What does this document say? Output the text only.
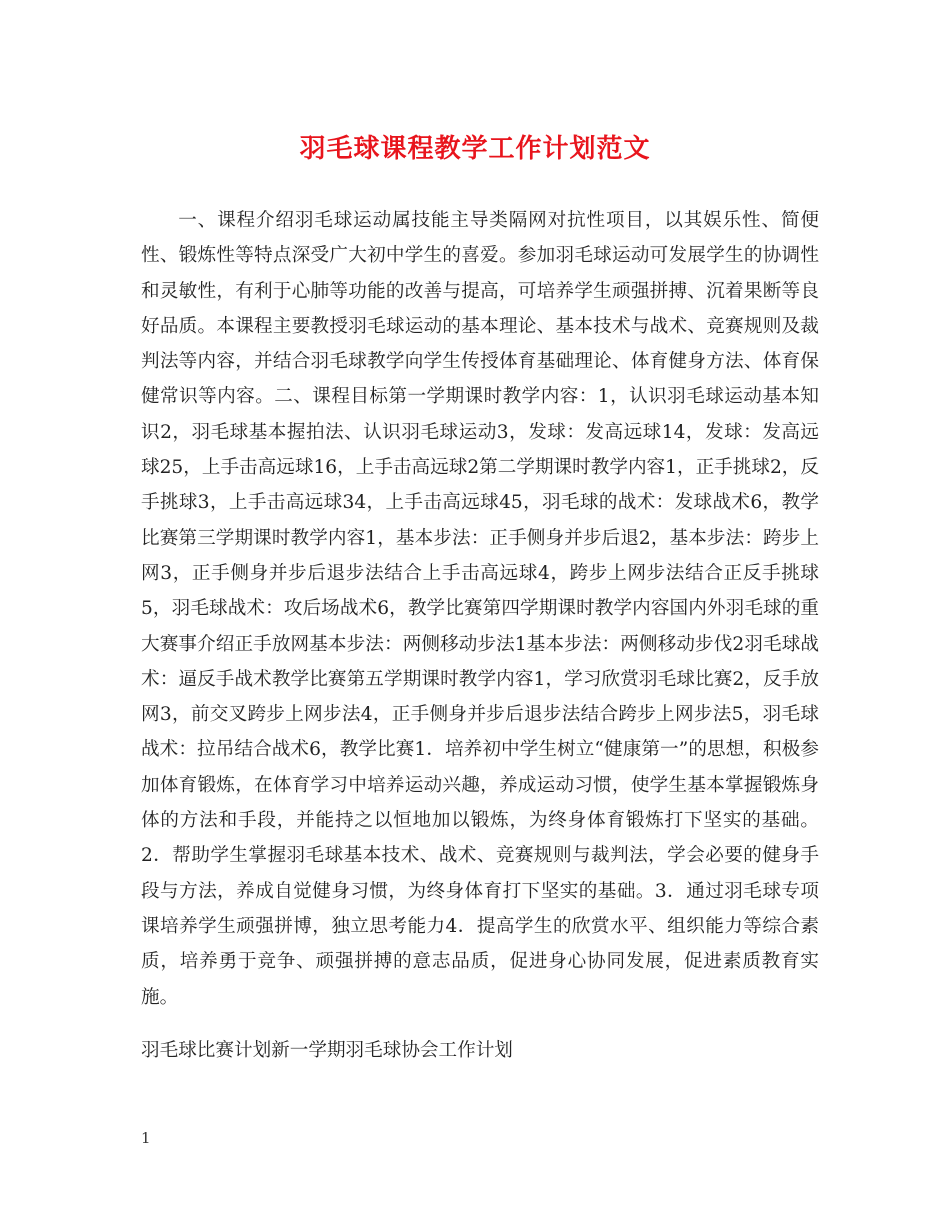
羽毛球课程教学工作计划范文

一、课程介绍羽毛球运动属技能主导类隔网对抗性项目，以其娱乐性、简便性、锻炼性等特点深受广大初中学生的喜爱。参加羽毛球运动可发展学生的协调性和灵敏性，有利于心肺等功能的改善与提高，可培养学生顽强拼搏、沉着果断等良好品质。本课程主要教授羽毛球运动的基本理论、基本技术与战术、竞赛规则及裁判法等内容，并结合羽毛球教学向学生传授体育基础理论、体育健身方法、体育保健常识等内容。二、课程目标第一学期课时教学内容：1，认识羽毛球运动基本知识2，羽毛球基本握拍法、认识羽毛球运动3，发球：发高远球14，发球：发高远球25，上手击高远球16，上手击高远球2第二学期课时教学内容1，正手挑球2，反手挑球3，上手击高远球34，上手击高远球45，羽毛球的战术：发球战术6，教学比赛第三学期课时教学内容1，基本步法：正手侧身并步后退2，基本步法：跨步上网3，正手侧身并步后退步法结合上手击高远球4，跨步上网步法结合正反手挑球5，羽毛球战术：攻后场战术6，教学比赛第四学期课时教学内容国内外羽毛球的重大赛事介绍正手放网基本步法：两侧移动步法1基本步法：两侧移动步伐2羽毛球战术：逼反手战术教学比赛第五学期课时教学内容1，学习欣赏羽毛球比赛2，反手放网3，前交叉跨步上网步法4，正手侧身并步后退步法结合跨步上网步法5，羽毛球战术：拉吊结合战术6，教学比赛1．培养初中学生树立“健康第一”的思想，积极参加体育锻炼，在体育学习中培养运动兴趣，养成运动习惯，使学生基本掌握锻炼身体的方法和手段，并能持之以恒地加以锻炼，为终身体育锻炼打下坚实的基础。2．帮助学生掌握羽毛球基本技术、战术、竞赛规则与裁判法，学会必要的健身手段与方法，养成自觉健身习惯，为终身体育打下坚实的基础。3．通过羽毛球专项课培养学生顽强拼博，独立思考能力4．提高学生的欣赏水平、组织能力等综合素质，培养勇于竞争、顽强拼搏的意志品质，促进身心协同发展，促进素质教育实施。

羽毛球比赛计划新一学期羽毛球协会工作计划

1
